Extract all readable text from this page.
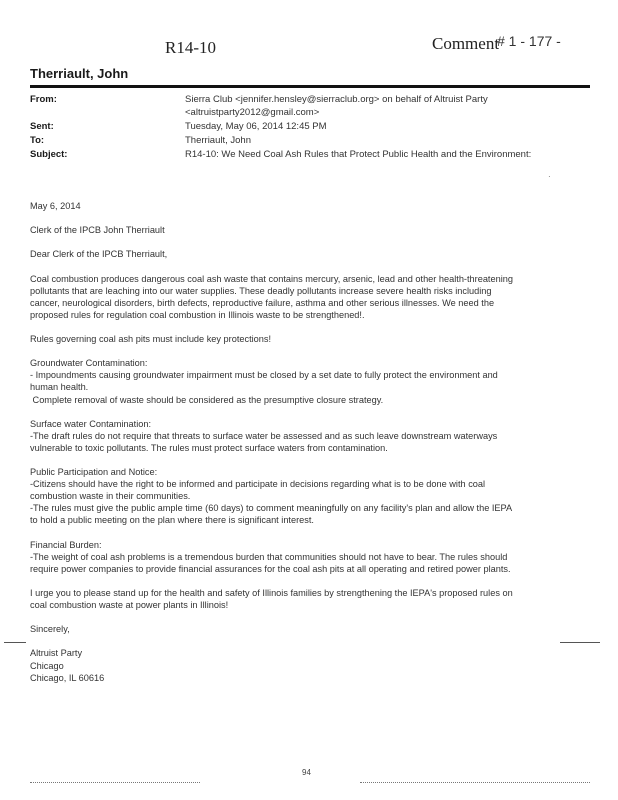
R14-10	Comment
# 1 - 177 -
Therriault, John
From:	Sierra Club <jennifer.hensley@sierraclub.org> on behalf of Altruist Party
<altruistparty2012@gmail.com>
Sent:	Tuesday, May 06, 2014 12:45 PM
To:	Therriault, John
Subject:	R14-10: We Need Coal Ash Rules that Protect Public Health and the Environment:
·

May 6, 2014

Clerk of the IPCB John Therriault

Dear Clerk of the IPCB Therriault,

Coal combustion produces dangerous coal ash waste that contains mercury, arsenic, lead and other health-threatening
pollutants that are leaching into our water supplies. These deadly pollutants increase severe health risks including
cancer, neurological disorders, birth defects, reproductive failure, asthma and other serious illnesses. We need the
proposed rules for regulation coal combustion in Illinois waste to be strengthened!.

Rules governing coal ash pits must include key protections!

Groundwater Contamination:
- Impoundments causing groundwater impairment must be closed by a set date to fully protect the environment and
human health.
Complete removal of waste should be considered as the presumptive closure strategy.

Surface water Contamination:
-The draft rules do not require that threats to surface water be assessed and as such leave downstream waterways
vulnerable to toxic pollutants. The rules must protect surface waters from contamination.

Public Participation and Notice:
-Citizens should have the right to be informed and participate in decisions regarding what is to be done with coal
combustion waste in their communities.
-The rules must give the public ample time (60 days) to comment meaningfully on any facility's plan and allow the IEPA
to hold a public meeting on the plan where there is significant interest.

Financial Burden:
-The weight of coal ash problems is a tremendous burden that communities should not have to bear. The rules should
require power companies to provide financial assurances for the coal ash pits at all operating and retired power plants.

I urge you to please stand up for the health and safety of Illinois families by strengthening the IEPA's proposed rules on
coal combustion waste at power plants in Illinois!

Sincerely,

Altruist Party
Chicago
Chicago, IL 60616

94
